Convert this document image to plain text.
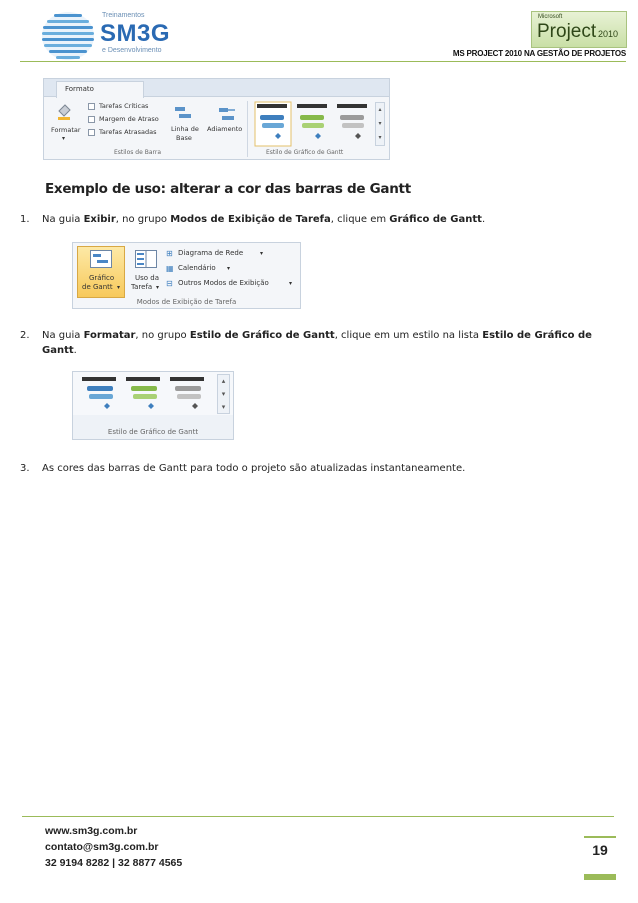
Treinamentos
SM3G
e Desenvolvimento
Microsoft
Project 2010
MS PROJECT 2010 NA GESTÃO DE PROJETOS
Formato
Formatar
▾
Tarefas Críticas
Margem de Atraso
Tarefas Atrasadas Linha de
Base
Adiamento
Estilos de Barra
▴
▾
▾
Estilo de Gráfico de Gantt
Exemplo de uso: alterar a cor das barras de Gantt
1. Na guia Exibir, no grupo Modos de Exibição de Tarefa, clique em Gráfico de Gantt.
Gráfico
de Gantt ▾
Uso da
Tarefa ▾
⊞ Diagrama de Rede	▾
▦ Calendário ▾
⊟ Outros Modos de Exibição	▾
Modos de Exibição de Tarefa
2. Na guia Formatar, no grupo Estilo de Gráfico de Gantt, clique em um estilo na lista Estilo de Gráfico de Gantt.
▴
▾
▾
Estilo de Gráfico de Gantt
3. As cores das barras de Gantt para todo o projeto são atualizadas instantaneamente.
www.sm3g.com.br
contato@sm3g.com.br
32 9194 8282 | 32 8877 4565
19
